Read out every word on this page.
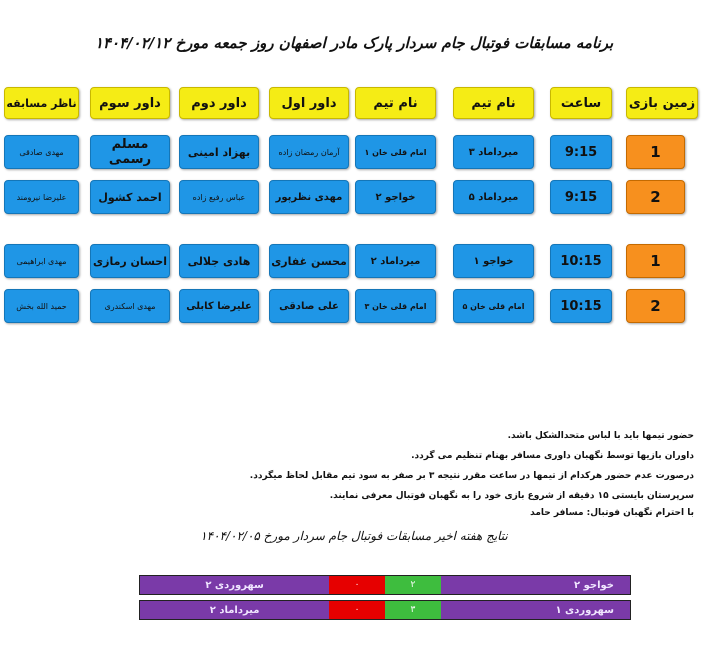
برنامه مسابقات فوتبال جام سردار پارک مادر اصفهان روز جمعه مورخ ۱۴۰۴/۰۲/۱۲
زمین بازی
ساعت
نام تیم
نام تیم
داور اول
داور دوم
داور سوم
ناظر مسابقه
1
9:15
میرداماد ۳
امام قلی خان ۱
آرمان رمضان زاده
بهزاد امینی
مسلم رسمی
مهدی صادقی
2
9:15
میرداماد ۵
خواجو ۲
مهدی نظرپور
عباس رفیع زاده
احمد کشول
علیرضا نیرومند
1
10:15
خواجو ۱
میرداماد ۲
محسن غفاری
هادی جلالی
احسان رمازی
مهدی ابراهیمی
2
10:15
امام قلی خان ۵
امام قلی خان ۳
علی صادقی
علیرضا کابلی
مهدی اسکندری
حمید الله بخش
حضور تیمها باید با لباس متحدالشکل باشد.
داوران بازیها توسط نگهبان داوری مسافر بهنام تنظیم می گردد.
درصورت عدم حضور هرکدام از تیمها در ساعت مقرر نتیجه ۳ بر صفر به سود تیم مقابل لحاظ میگردد.
سرپرستان بایستی ۱۵ دقیقه از شروع بازی خود را به نگهبان فوتبال معرفی نمایند.
با احترام نگهبان فوتبال: مسافر حامد
نتایج هفته اخیر مسابقات فوتبال جام سردار مورخ ۱۴۰۴/۰۲/۰۵
خواجو ۲
۲
۰
سهروردی ۲
سهروردی ۱
۳
۰
میرداماد ۲
